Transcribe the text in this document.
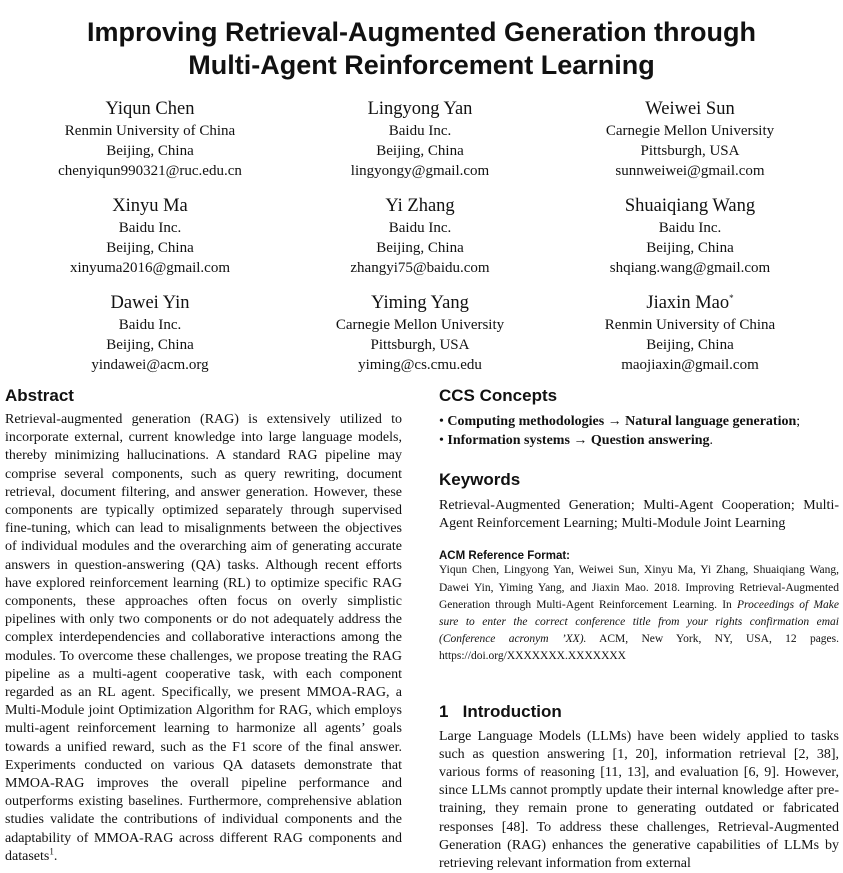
Improving Retrieval-Augmented Generation through
Multi-Agent Reinforcement Learning
Yiqun Chen
Renmin University of China
Beijing, China
chenyiqun990321@ruc.edu.cn
Lingyong Yan
Baidu Inc.
Beijing, China
lingyongy@gmail.com
Weiwei Sun
Carnegie Mellon University
Pittsburgh, USA
sunnweiwei@gmail.com
Xinyu Ma
Baidu Inc.
Beijing, China
xinyuma2016@gmail.com
Yi Zhang
Baidu Inc.
Beijing, China
zhangyi75@baidu.com
Shuaiqiang Wang
Baidu Inc.
Beijing, China
shqiang.wang@gmail.com
Dawei Yin
Baidu Inc.
Beijing, China
yindawei@acm.org
Yiming Yang
Carnegie Mellon University
Pittsburgh, USA
yiming@cs.cmu.edu
Jiaxin Mao*
Renmin University of China
Beijing, China
maojiaxin@gmail.com
Abstract

Retrieval-augmented generation (RAG) is extensively utilized to incorporate external, current knowledge into large language models, thereby minimizing hallucinations. A standard RAG pipeline may comprise several components, such as query rewriting, document retrieval, document filtering, and answer generation. However, these components are typically optimized separately through supervised fine-tuning, which can lead to misalignments between the objectives of individual modules and the overarching aim of generating accurate answers in question-answering (QA) tasks. Although recent efforts have explored reinforcement learning (RL) to optimize specific RAG components, these approaches often focus on overly simplistic pipelines with only two components or do not adequately address the complex interdependencies and collaborative interactions among the modules. To overcome these challenges, we propose treating the RAG pipeline as a multi-agent cooperative task, with each component regarded as an RL agent. Specifically, we present MMOA-RAG, a Multi-Module joint Optimization Algorithm for RAG, which employs multi-agent reinforcement learning to harmonize all agents’ goals towards a unified reward, such as the F1 score of the final answer. Experiments conducted on various QA datasets demonstrate that MMOA-RAG improves the overall pipeline performance and outperforms existing baselines. Furthermore, comprehensive ablation studies validate the contributions of individual components and the adaptability of MMOA-RAG across different RAG components and datasets$^1$.

CCS Concepts
• Computing methodologies → Natural language generation;
• Information systems → Question answering.
Keywords

Retrieval-Augmented Generation; Multi-Agent Cooperation; Multi-Agent Reinforcement Learning; Multi-Module Joint Learning

ACM Reference Format:
Yiqun Chen, Lingyong Yan, Weiwei Sun, Xinyu Ma, Yi Zhang, Shuaiqiang Wang, Dawei Yin, Yiming Yang, and Jiaxin Mao. 2018. Improving Retrieval-Augmented Generation through Multi-Agent Reinforcement Learning. In Proceedings of Make sure to enter the correct conference title from your rights confirmation emai (Conference acronym ’XX). ACM, New York, NY, USA, 12 pages. https://doi.org/XXXXXXX.XXXXXXX
1 Introduction

Large Language Models (LLMs) have been widely applied to tasks such as question answering [1, 20], information retrieval [2, 38], various forms of reasoning [11, 13], and evaluation [6, 9]. However, since LLMs cannot promptly update their internal knowledge after pre-training, they remain prone to generating outdated or fabricated responses [48]. To address these challenges, Retrieval-Augmented Generation (RAG) enhances the generative capabilities of LLMs by retrieving relevant information from external
